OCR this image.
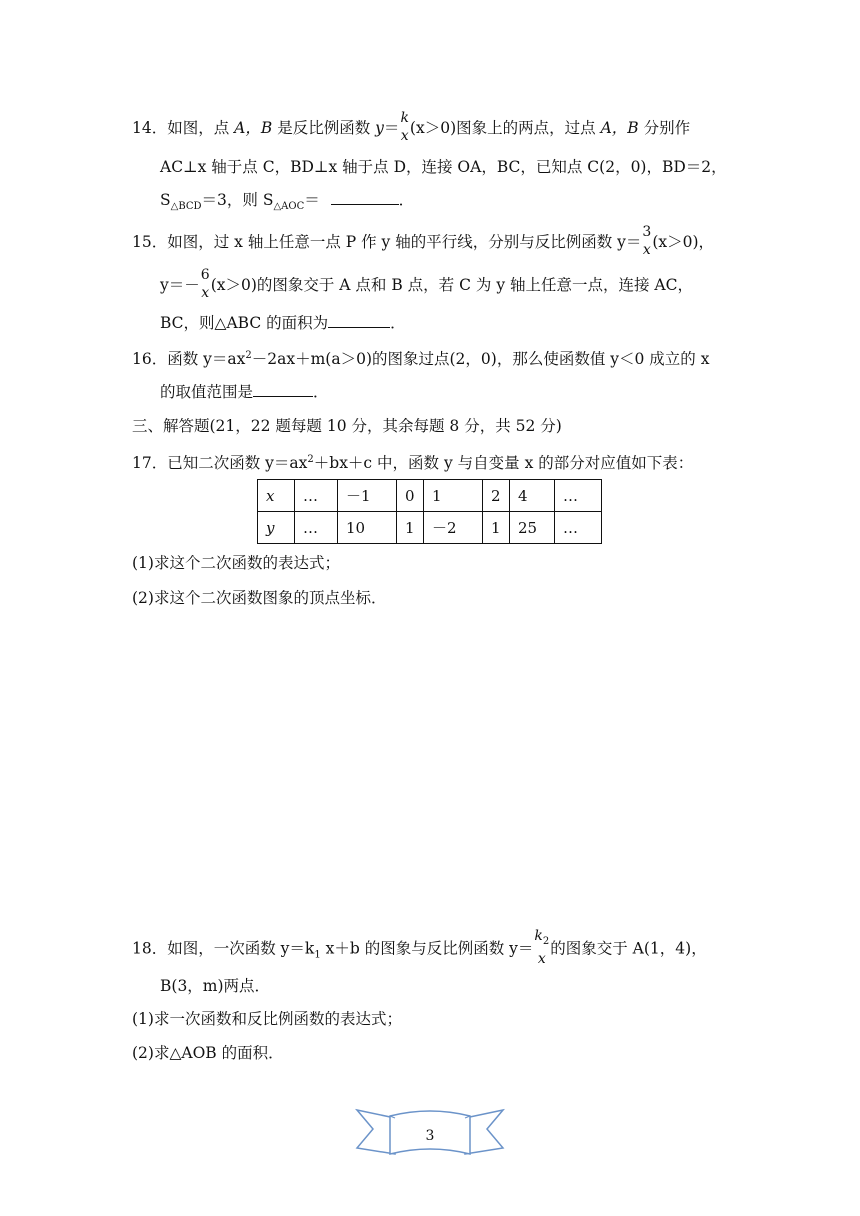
14．如图，点 A，B 是反比例函数 y＝
k
x (x＞0)图象上的两点，过点 A，B 分别作
AC⊥x 轴于点 C，BD⊥x 轴于点 D，连接 OA，BC，已知点 C(2，0)，BD＝2，
$S_{\triangle BCD}=3$，则 $S_{\triangle AOC}=$	．
15．如图，过 x 轴上任意一点 P 作 y 轴的平行线，分别与反比例函数 y＝
3
x (x＞0)，
y＝－
6
x (x＞0)的图象交于 A 点和 B 点，若 C 为 y 轴上任意一点，连接 AC，
BC，则△ABC 的面积为	．
16．函数 $y=ax^2-2ax+m(a>0)$的图象过点(2，0)，那么使函数值 y＜0 成立的 x
的取值范围是	．
三、解答题(21，22 题每题 10 分，其余每题 8 分，共 52 分)
17．已知二次函数 $y=ax^2+bx+c$ 中，函数 y 与自变量 x 的部分对应值如下表：
x	…	－1	0	1	2	4	…
y	…	10	1	－2	1	25	…
(1)求这个二次函数的表达式；
(2)求这个二次函数图象的顶点坐标．
18．如图，一次函数 $y=k_1$ x＋b 的图象与反比例函数 y＝
$k_2$
x
的图象交于 A(1，4)，
B(3，m)两点．
(1)求一次函数和反比例函数的表达式；
(2)求△AOB 的面积．
3
